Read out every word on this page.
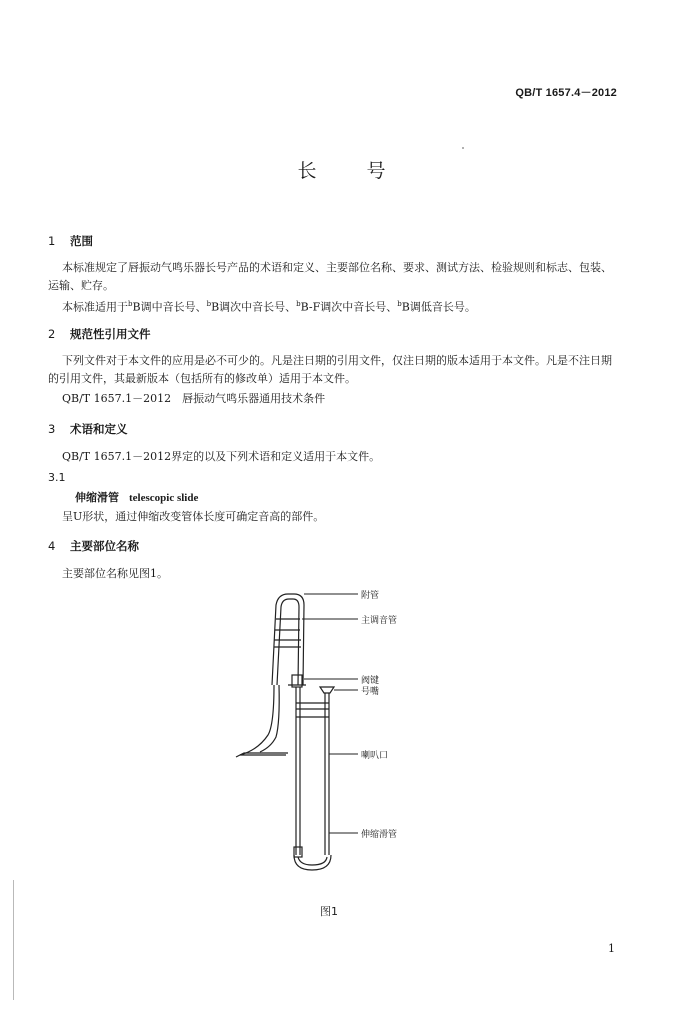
QB/T 1657.4－2012
长 号
1 范围
本标准规定了唇振动气鸣乐器长号产品的术语和定义、主要部位名称、要求、测试方法、检验规则和标志、包装、运输、贮存。
本标准适用于$^b$B调中音长号、$^b$B调次中音长号、$^b$B-F调次中音长号、$^b$B调低音长号。
2 规范性引用文件
下列文件对于本文件的应用是必不可少的。凡是注日期的引用文件，仅注日期的版本适用于本文件。凡是不注日期的引用文件，其最新版本（包括所有的修改单）适用于本文件。
QB/T 1657.1－2012　唇振动气鸣乐器通用技术条件
3 术语和定义
QB/T 1657.1－2012界定的以及下列术语和定义适用于本文件。
3.1
伸缩滑管 telescopic slide
呈U形状，通过伸缩改变管体长度可确定音高的部件。
4 主要部位名称
主要部位名称见图1。
附管
主调音管
阀键
号嘴
喇叭口
伸缩滑管
图1
1
